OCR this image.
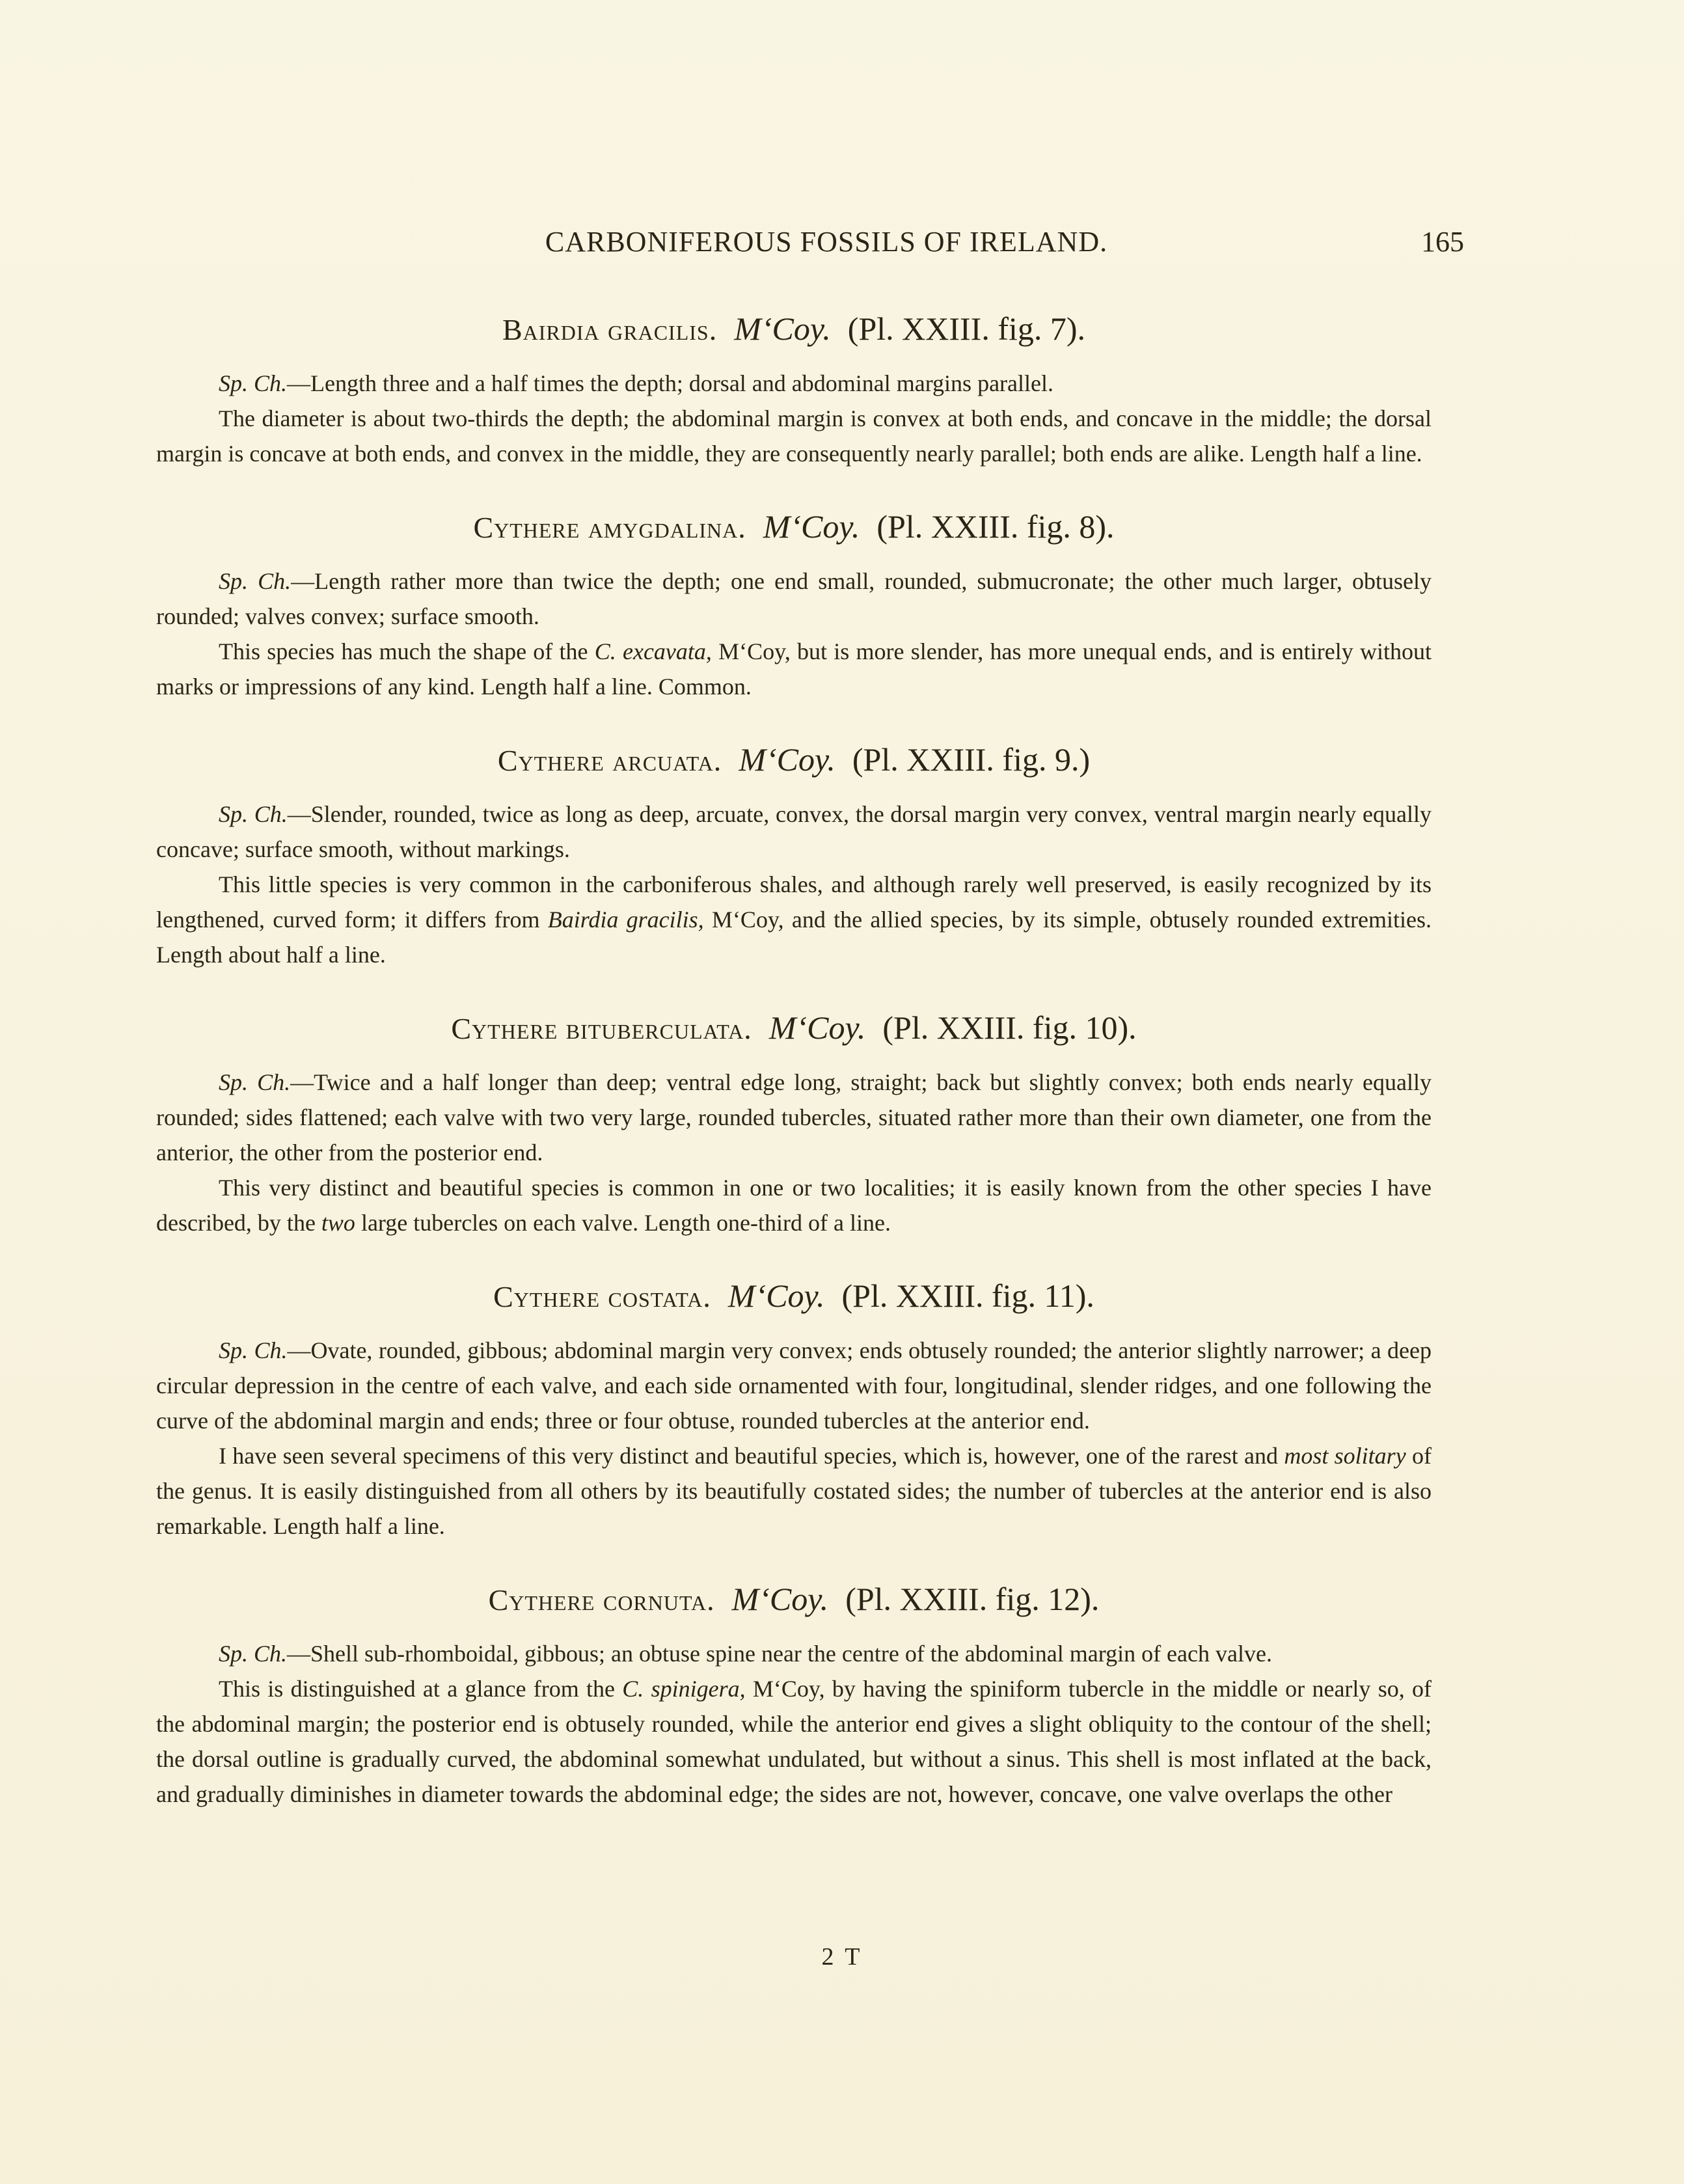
CARBONIFEROUS FOSSILS OF IRELAND.	165
Bairdia gracilis. M‘Coy. (Pl. XXIII. fig. 7).

Sp. Ch.—Length three and a half times the depth; dorsal and abdominal margins parallel.

The diameter is about two-thirds the depth; the abdominal margin is convex at both ends, and concave in the middle; the dorsal margin is concave at both ends, and convex in the middle, they are consequently nearly parallel; both ends are alike. Length half a line.

Cythere amygdalina. M‘Coy. (Pl. XXIII. fig. 8).

Sp. Ch.—Length rather more than twice the depth; one end small, rounded, submucronate; the other much larger, obtusely rounded; valves convex; surface smooth.

This species has much the shape of the C. excavata, M‘Coy, but is more slender, has more unequal ends, and is entirely without marks or impressions of any kind. Length half a line. Common.

Cythere arcuata. M‘Coy. (Pl. XXIII. fig. 9.)

Sp. Ch.—Slender, rounded, twice as long as deep, arcuate, convex, the dorsal margin very convex, ventral margin nearly equally concave; surface smooth, without markings.

This little species is very common in the carboniferous shales, and although rarely well preserved, is easily recognized by its lengthened, curved form; it differs from Bairdia gracilis, M‘Coy, and the allied species, by its simple, obtusely rounded extremities. Length about half a line.

Cythere bituberculata. M‘Coy. (Pl. XXIII. fig. 10).

Sp. Ch.—Twice and a half longer than deep; ventral edge long, straight; back but slightly convex; both ends nearly equally rounded; sides flattened; each valve with two very large, rounded tubercles, situated rather more than their own diameter, one from the anterior, the other from the posterior end.

This very distinct and beautiful species is common in one or two localities; it is easily known from the other species I have described, by the two large tubercles on each valve. Length one-third of a line.

Cythere costata. M‘Coy. (Pl. XXIII. fig. 11).

Sp. Ch.—Ovate, rounded, gibbous; abdominal margin very convex; ends obtusely rounded; the anterior slightly narrower; a deep circular depression in the centre of each valve, and each side ornamented with four, longitudinal, slender ridges, and one following the curve of the abdominal margin and ends; three or four obtuse, rounded tubercles at the anterior end.

I have seen several specimens of this very distinct and beautiful species, which is, however, one of the rarest and most solitary of the genus. It is easily distinguished from all others by its beautifully costated sides; the number of tubercles at the anterior end is also remarkable. Length half a line.

Cythere cornuta. M‘Coy. (Pl. XXIII. fig. 12).

Sp. Ch.—Shell sub-rhomboidal, gibbous; an obtuse spine near the centre of the abdominal margin of each valve.

This is distinguished at a glance from the C. spinigera, M‘Coy, by having the spiniform tubercle in the middle or nearly so, of the abdominal margin; the posterior end is obtusely rounded, while the anterior end gives a slight obliquity to the contour of the shell; the dorsal outline is gradually curved, the abdominal somewhat undulated, but without a sinus. This shell is most inflated at the back, and gradually diminishes in diameter towards the abdominal edge; the sides are not, however, concave, one valve overlaps the other

2 T
